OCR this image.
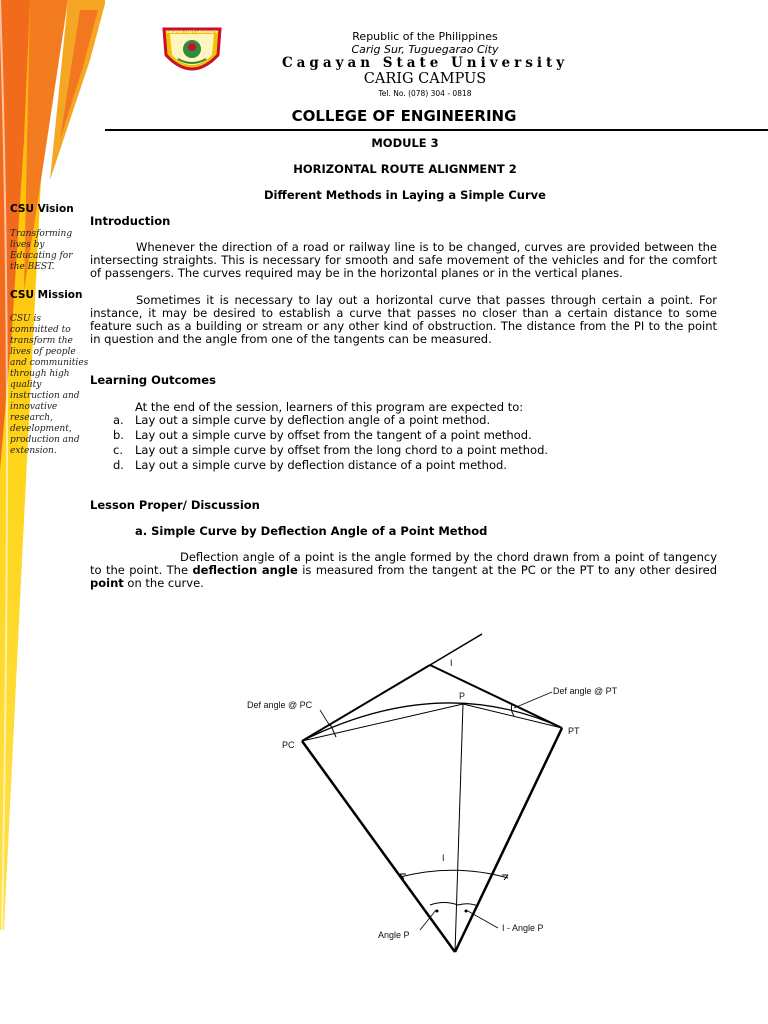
CAGAYAN STATE UNIVERSITY	Republic of the Philippines
Carig Sur, Tuguegarao City
Cagayan State University
CARIG CAMPUS
Tel. No. (078) 304 - 0818
COLLEGE OF ENGINEERING
MODULE 3
HORIZONTAL ROUTE ALIGNMENT 2
Different Methods in Laying a Simple Curve
CSU Vision
Transforming lives by Educating for the BEST.
CSU Mission
CSU is committed to transform the lives of people and communities through high quality instruction and innovative research, development, production and extension.
Introduction
Whenever the direction of a road or railway line is to be changed, curves are provided between the intersecting straights. This is necessary for smooth and safe movement of the vehicles and for the comfort of passengers. The curves required may be in the horizontal planes or in the vertical planes.
Sometimes it is necessary to lay out a horizontal curve that passes through certain a point. For instance, it may be desired to establish a curve that passes no closer than a certain distance to some feature such as a building or stream or any other kind of obstruction. The distance from the PI to the point in question and the angle from one of the tangents can be measured.
Learning Outcomes
At the end of the session, learners of this program are expected to:
a. Lay out a simple curve by deflection angle of a point method.
b. Lay out a simple curve by offset from the tangent of a point method.
c. Lay out a simple curve by offset from the long chord to a point method.
d. Lay out a simple curve by deflection distance of a point method.
Lesson Proper/ Discussion
a. Simple Curve by Deflection Angle of a Point Method
Deflection angle of a point is the angle formed by the chord drawn from a point of tangency to the point. The deflection angle is measured from the tangent at the PC or the PT to any other desired point on the curve.
I
P
Def angle @ PC
Def angle @ PT
PC
PT
I
Angle P
I - Angle P
